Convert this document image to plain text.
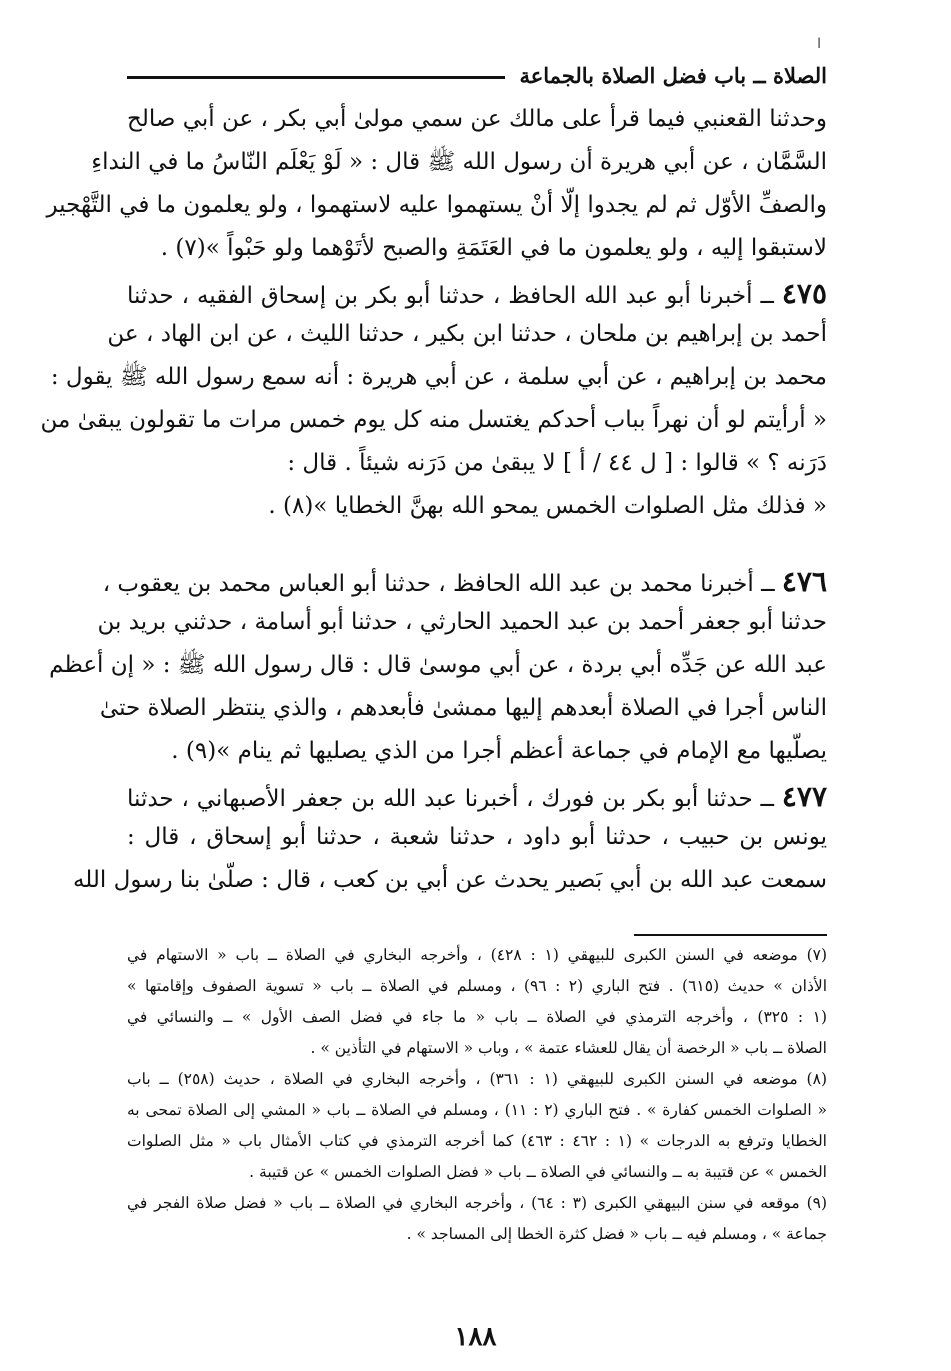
ا
الصلاة ــ باب فضل الصلاة بالجماعة
وحدثنا القعنبي فيما قرأ على مالك عن سمي مولىٰ أبي بكر ، عن أبي صالح
السَّمَّان ، عن أبي هريرة أن رسول الله ﷺ قال : « لَوْ يَعْلَم النّاسُ ما في النداءِ
والصفِّ الأوّل ثم لم يجدوا إلّا أنْ يستهموا عليه لاستهموا ، ولو يعلمون ما في التَّهْجير
لاستبقوا إليه ، ولو يعلمون ما في العَتَمَةِ والصبح لأتَوْهما ولو حَبْواً »(٧) .
٤٧٥ ــ أخبرنا أبو عبد الله الحافظ ، حدثنا أبو بكر بن إسحاق الفقيه ، حدثنا
أحمد بن إبراهيم بن ملحان ، حدثنا ابن بكير ، حدثنا الليث ، عن ابن الهاد ، عن
محمد بن إبراهيم ، عن أبي سلمة ، عن أبي هريرة : أنه سمع رسول الله ﷺ يقول :
« أرأيتم لو أن نهراً بباب أحدكم يغتسل منه كل يوم خمس مرات ما تقولون يبقىٰ من
دَرَنه ؟ » قالوا : [ ل ٤٤ / أ ] لا يبقىٰ من دَرَنه شيئاً . قال :
« فذلك مثل الصلوات الخمس يمحو الله بهنَّ الخطايا »(٨) .
٤٧٦ ــ أخبرنا محمد بن عبد الله الحافظ ، حدثنا أبو العباس محمد بن يعقوب ،
حدثنا أبو جعفر أحمد بن عبد الحميد الحارثي ، حدثنا أبو أسامة ، حدثني بريد بن
عبد الله عن جَدِّه أبي بردة ، عن أبي موسىٰ قال : قال رسول الله ﷺ : « إن أعظم
الناس أجرا في الصلاة أبعدهم إليها ممشىٰ فأبعدهم ، والذي ينتظر الصلاة حتىٰ
يصلّيها مع الإمام في جماعة أعظم أجرا من الذي يصليها ثم ينام »(٩) .
٤٧٧ ــ حدثنا أبو بكر بن فورك ، أخبرنا عبد الله بن جعفر الأصبهاني ، حدثنا
يونس بن حبيب ، حدثنا أبو داود ، حدثنا شعبة ، حدثنا أبو إسحاق ، قال :
سمعت عبد الله بن أبي بَصير يحدث عن أبي بن كعب ، قال : صلّىٰ بنا رسول الله
(٧) موضعه في السنن الكبرى للبيهقي (١ : ٤٢٨) ، وأخرجه البخاري في الصلاة ــ باب « الاستهام في
الأذان » حديث (٦١٥) . فتح الباري (٢ : ٩٦) ، ومسلم في الصلاة ــ باب « تسوية الصفوف وإقامتها »
(١ : ٣٢٥) ، وأخرجه الترمذي في الصلاة ــ باب « ما جاء في فضل الصف الأول » ــ والنسائي في
الصلاة ــ باب « الرخصة أن يقال للعشاء عتمة » ، وباب « الاستهام في التأذين » .
(٨) موضعه في السنن الكبرى للبيهقي (١ : ٣٦١) ، وأخرجه البخاري في الصلاة ، حديث (٢٥٨) ــ باب
« الصلوات الخمس كفارة » . فتح الباري (٢ : ١١) ، ومسلم في الصلاة ــ باب « المشي إلى الصلاة تمحى به
الخطايا وترفع به الدرجات » (١ : ٤٦٢ : ٤٦٣) كما أخرجه الترمذي في كتاب الأمثال باب « مثل الصلوات
الخمس » عن قتيبة به ــ والنسائي في الصلاة ــ باب « فضل الصلوات الخمس » عن قتيبة .
(٩) موقعه في سنن البيهقي الكبرى (٣ : ٦٤) ، وأخرجه البخاري في الصلاة ــ باب « فضل صلاة الفجر في
جماعة » ، ومسلم فيه ــ باب « فضل كثرة الخطا إلى المساجد » .
١٨٨
